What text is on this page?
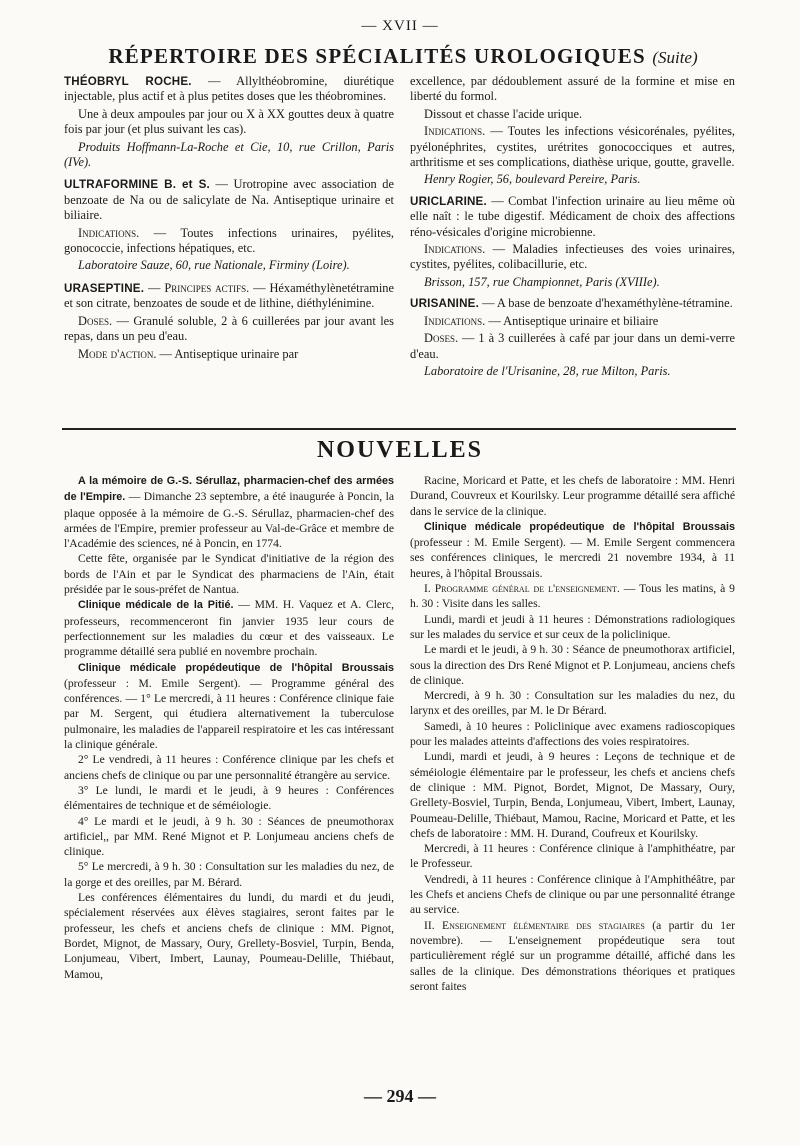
— XVII —
RÉPERTOIRE DES SPÉCIALITÉS UROLOGIQUES (Suite)

THÉOBRYL ROCHE. — Allylthéobromine, diurétique injectable, plus actif et à plus petites doses que les théobromines.

Une à deux ampoules par jour ou X à XX gouttes deux à quatre fois par jour (et plus suivant les cas).

Produits Hoffmann-La-Roche et Cie, 10, rue Crillon, Paris (IVe).

ULTRAFORMINE B. et S. — Urotropine avec association de benzoate de Na ou de salicylate de Na. Antiseptique urinaire et biliaire.

Indications. — Toutes infections urinaires, pyélites, gonococcie, infections hépatiques, etc.

Laboratoire Sauze, 60, rue Nationale, Firminy (Loire).

URASEPTINE. — Principes actifs. — Héxaméthylènetétramine et son citrate, benzoates de soude et de lithine, diéthylénimine.

Doses. — Granulé soluble, 2 à 6 cuillerées par jour avant les repas, dans un peu d'eau.

Mode d'action. — Antiseptique urinaire par

excellence, par dédoublement assuré de la formine et mise en liberté du formol.

Dissout et chasse l'acide urique.

Indications. — Toutes les infections vésicorénales, pyélites, pyélonéphrites, cystites, urétrites gonococciques et autres, arthritisme et ses complications, diathèse urique, goutte, gravelle.

Henry Rogier, 56, boulevard Pereire, Paris.

URICLARINE. — Combat l'infection urinaire au lieu même où elle naît : le tube digestif. Médicament de choix des affections réno-vésicales d'origine microbienne.

Indications. — Maladies infectieuses des voies urinaires, cystites, pyélites, colibacillurie, etc.

Brisson, 157, rue Championnet, Paris (XVIIIe).

URISANINE. — A base de benzoate d'hexaméthylène-tétramine.

Indications. — Antiseptique urinaire et biliaire

Doses. — 1 à 3 cuillerées à café par jour dans un demi-verre d'eau.

Laboratoire de l'Urisanine, 28, rue Milton, Paris.

NOUVELLES

A la mémoire de G.-S. Sérullaz, pharmacien-chef des armées de l'Empire. — Dimanche 23 septembre, a été inaugurée à Poncin, la plaque opposée à la mémoire de G.-S. Sérullaz, pharmacien-chef des armées de l'Empire, premier professeur au Val-de-Grâce et membre de l'Académie des sciences, né à Poncin, en 1774.

Cette fête, organisée par le Syndicat d'initiative de la région des bords de l'Ain et par le Syndicat des pharmaciens de l'Ain, était présidée par le sous-préfet de Nantua.

Clinique médicale de la Pitié. — MM. H. Vaquez et A. Clerc, professeurs, recommenceront fin janvier 1935 leur cours de perfectionnement sur les maladies du cœur et des vaisseaux. Le programme détaillé sera publié en novembre prochain.

Clinique médicale propédeutique de l'hôpital Broussais (professeur : M. Emile Sergent). — Programme général des conférences. — 1° Le mercredi, à 11 heures : Conférence clinique faie par M. Sergent, qui étudiera alternativement la tuberculose pulmonaire, les maladies de l'appareil respiratoire et les cas intéressant la clinique générale.

2° Le vendredi, à 11 heures : Conférence clinique par les chefs et anciens chefs de clinique ou par une personnalité étrangère au service.

3° Le lundi, le mardi et le jeudi, à 9 heures : Conférences élémentaires de technique et de séméiologie.

4° Le mardi et le jeudi, à 9 h. 30 : Séances de pneumothorax artificiel,, par MM. René Mignot et P. Lonjumeau anciens chefs de clinique.

5° Le mercredi, à 9 h. 30 : Consultation sur les maladies du nez, de la gorge et des oreilles, par M. Bérard.

Les conférences élémentaires du lundi, du mardi et du jeudi, spécialement réservées aux élèves stagiaires, seront faites par le professeur, les chefs et anciens chefs de clinique : MM. Pignot, Bordet, Mignot, de Massary, Oury, Grellety-Bosviel, Turpin, Benda, Lonjumeau, Vibert, Imbert, Launay, Poumeau-Delille, Thiébaut, Mamou,

Racine, Moricard et Patte, et les chefs de laboratoire : MM. Henri Durand, Couvreux et Kourilsky. Leur programme détaillé sera affiché dans le service de la clinique.

Clinique médicale propédeutique de l'hôpital Broussais (professeur : M. Emile Sergent). — M. Emile Sergent commencera ses conférences cliniques, le mercredi 21 novembre 1934, à 11 heures, à l'hôpital Broussais.

I. Programme général de l'enseignement. — Tous les matins, à 9 h. 30 : Visite dans les salles.

Lundi, mardi et jeudi à 11 heures : Démonstrations radiologiques sur les malades du service et sur ceux de la policlinique.

Le mardi et le jeudi, à 9 h. 30 : Séance de pneumothorax artificiel, sous la direction des Drs René Mignot et P. Lonjumeau, anciens chefs de clinique.

Mercredi, à 9 h. 30 : Consultation sur les maladies du nez, du larynx et des oreilles, par M. le Dr Bérard.

Samedi, à 10 heures : Policlinique avec examens radioscopiques pour les malades atteints d'affections des voies respiratoires.

Lundi, mardi et jeudi, à 9 heures : Leçons de technique et de séméiologie élémentaire par le professeur, les chefs et anciens chefs de clinique : MM. Pignot, Bordet, Mignot, De Massary, Oury, Grellety-Bosviel, Turpin, Benda, Lonjumeau, Vibert, Imbert, Launay, Poumeau-Delille, Thiébaut, Mamou, Racine, Moricard et Patte, et les chefs de laboratoire : MM. H. Durand, Coufreux et Kourilsky.

Mercredi, à 11 heures : Conférence clinique à l'amphithéatre, par le Professeur.

Vendredi, à 11 heures : Conférence clinique à l'Amphithéâtre, par les Chefs et anciens Chefs de clinique ou par une personnalité étrange au service.

II. Enseignement élémentaire des stagiaires (a partir du 1er novembre). — L'enseignement propédeutique sera tout particulièrement réglé sur un programme détaillé, affiché dans les salles de la clinique. Des démonstrations théoriques et pratiques seront faites

— 294 —
